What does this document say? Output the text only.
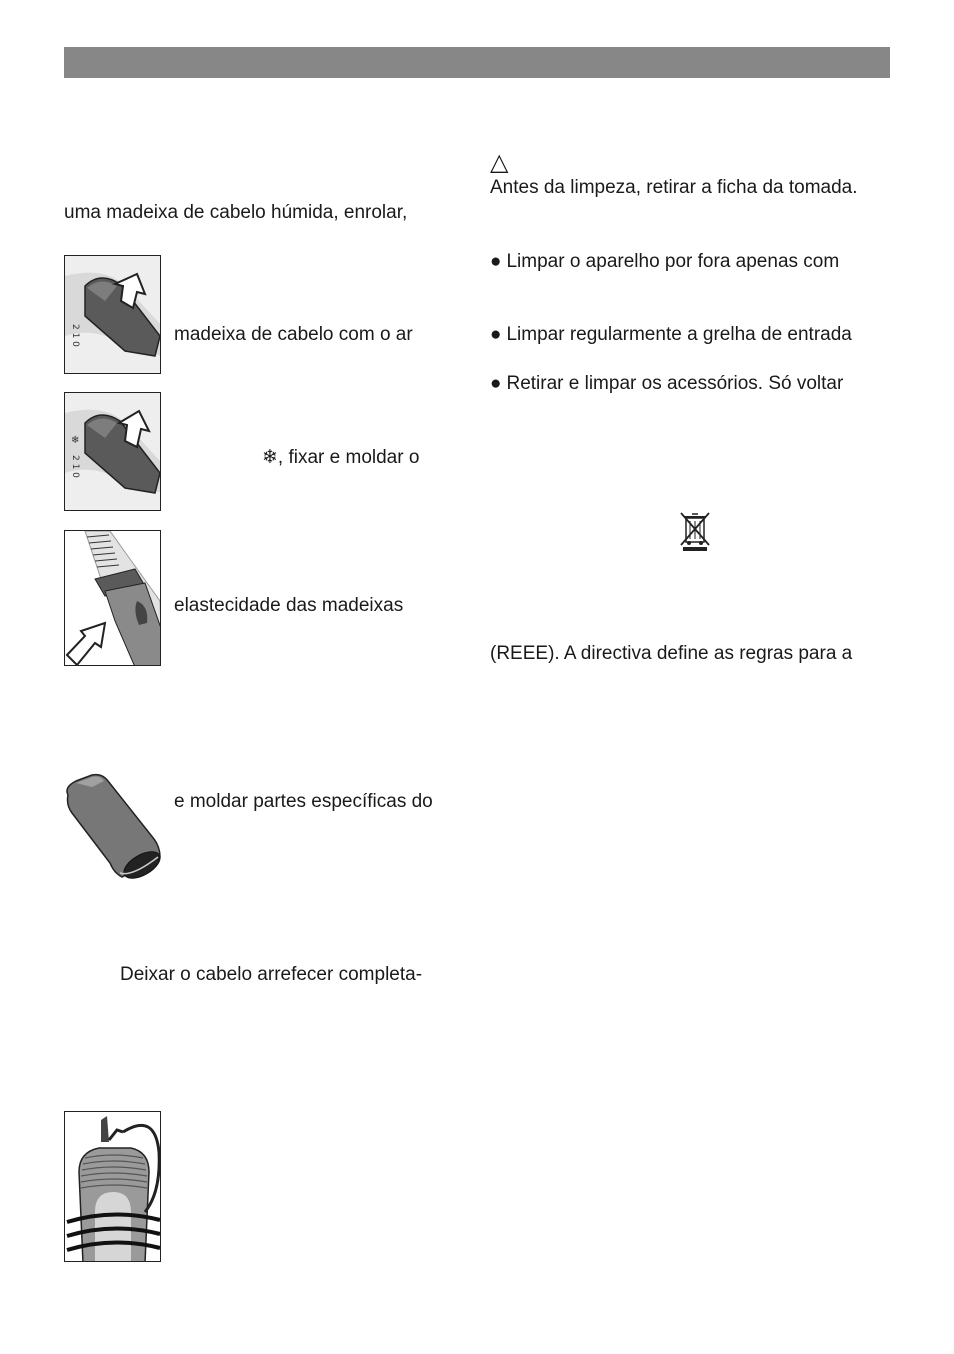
uma madeixa de cabelo húmida, enrolar,
2 1 0	madeixa de cabelo com o ar
❄
2 1 0	❄, fixar e moldar o
elastecidade das madeixas
e moldar partes específicas do
Deixar o cabelo arrefecer completa-
△
Antes da limpeza, retirar a ficha da tomada.
● Limpar o aparelho por fora apenas com
● Limpar regularmente a grelha de entrada
● Retirar e limpar os acessórios. Só voltar
(REEE). A directiva define as regras para a
